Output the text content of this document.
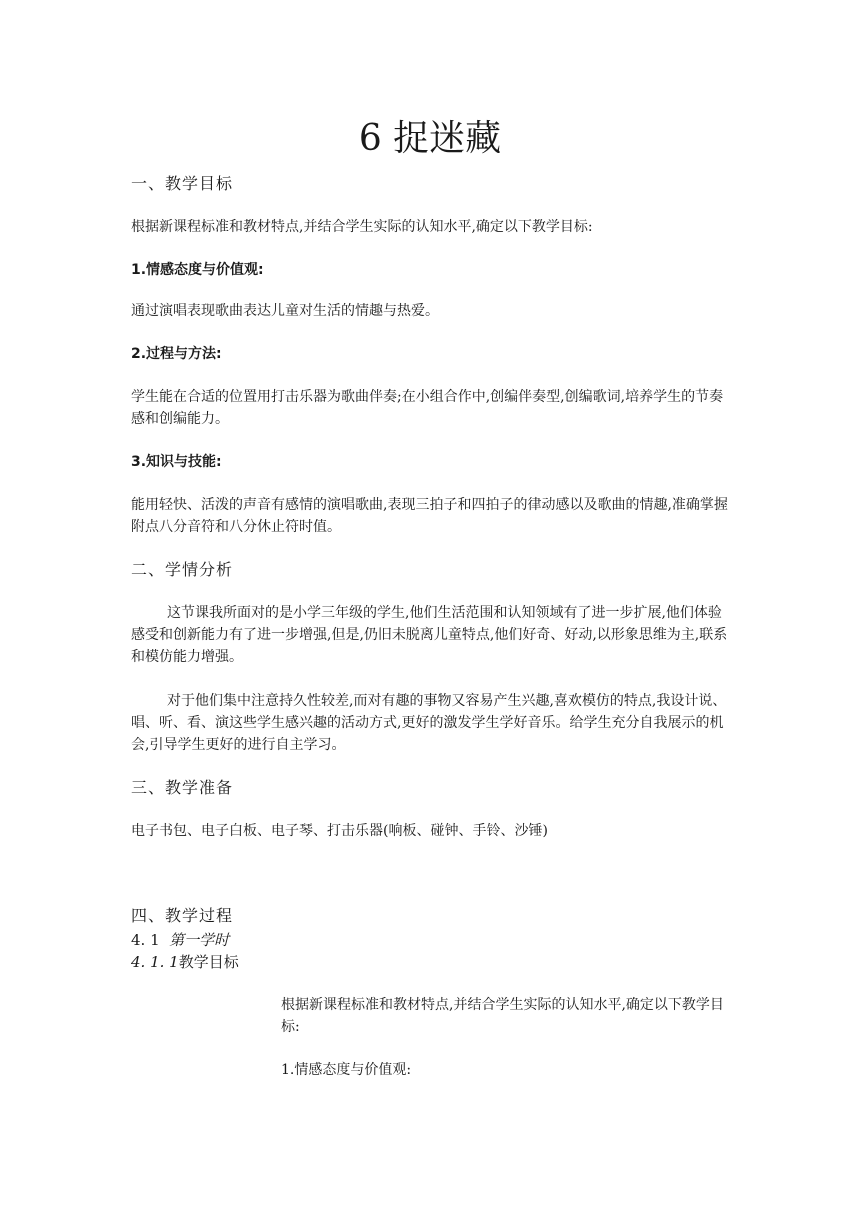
6 捉迷藏
一、教学目标

根据新课程标准和教材特点,并结合学生实际的认知水平,确定以下教学目标:

1.情感态度与价值观:

通过演唱表现歌曲表达儿童对生活的情趣与热爱。

2.过程与方法:

学生能在合适的位置用打击乐器为歌曲伴奏;在小组合作中,创编伴奏型,创编歌词,培养学生的节奏感和创编能力。

3.知识与技能:

能用轻快、活泼的声音有感情的演唱歌曲,表现三拍子和四拍子的律动感以及歌曲的情趣,准确掌握附点八分音符和八分休止符时值。

二、学情分析

这节课我所面对的是小学三年级的学生,他们生活范围和认知领域有了进一步扩展,他们体验感受和创新能力有了进一步增强,但是,仍旧未脱离儿童特点,他们好奇、好动,以形象思维为主,联系和模仿能力增强。

对于他们集中注意持久性较差,而对有趣的事物又容易产生兴趣,喜欢模仿的特点,我设计说、唱、听、看、演这些学生感兴趣的活动方式,更好的激发学生学好音乐。给学生充分自我展示的机会,引导学生更好的进行自主学习。

三、教学准备

电子书包、电子白板、电子琴、打击乐器(响板、碰钟、手铃、沙锤)

四、教学过程

4. 1 第一学时

4. 1. 1教学目标

根据新课程标准和教材特点,并结合学生实际的认知水平,确定以下教学目标:

1.情感态度与价值观:
